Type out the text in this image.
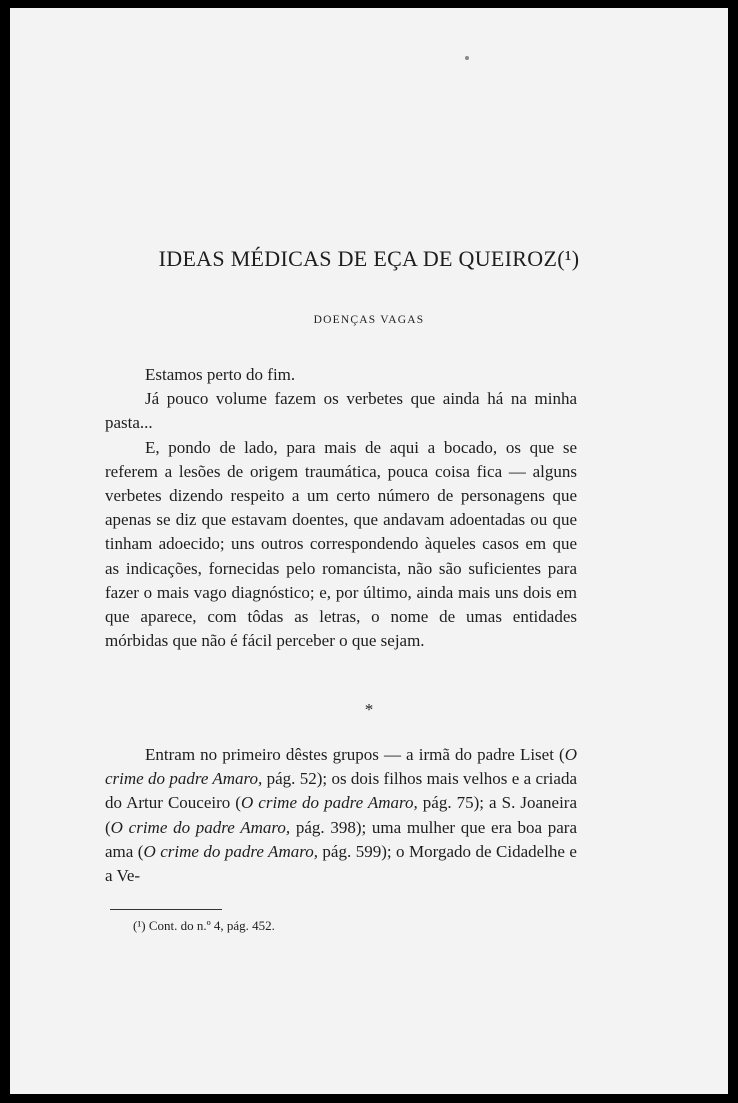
IDEAS MÉDICAS DE EÇA DE QUEIROZ(¹)

DOENÇAS VAGAS

Estamos perto do fim.

Já pouco volume fazem os verbetes que ainda há na minha pasta...

E, pondo de lado, para mais de aqui a bocado, os que se referem a lesões de origem traumática, pouca coisa fica — alguns verbetes dizendo respeito a um certo número de personagens que apenas se diz que estavam doentes, que andavam adoentadas ou que tinham adoecido; uns outros correspondendo àqueles casos em que as indicações, fornecidas pelo romancista, não são suficientes para fazer o mais vago diagnóstico; e, por último, ainda mais uns dois em que aparece, com tôdas as letras, o nome de umas entidades mórbidas que não é fácil perceber o que sejam.

*

Entram no primeiro dêstes grupos — a irmã do padre Liset (O crime do padre Amaro, pág. 52); os dois filhos mais velhos e a criada do Artur Couceiro (O crime do padre Amaro, pág. 75); a S. Joaneira (O crime do padre Amaro, pág. 398); uma mulher que era boa para ama (O crime do padre Amaro, pág. 599); o Morgado de Cidadelhe e a Ve-

(¹) Cont. do n.º 4, pág. 452.
